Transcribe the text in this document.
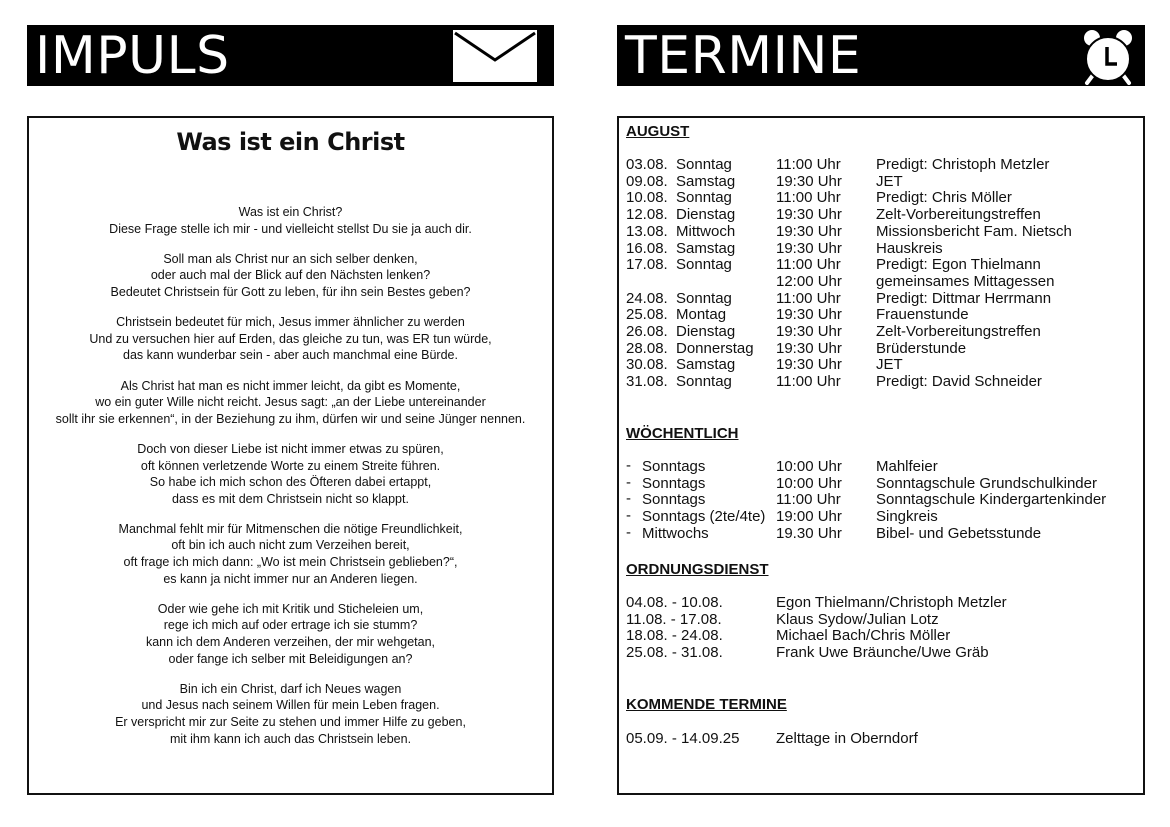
IMPULS	TERMINE
Was ist ein Christ
Was ist ein Christ?
Diese Frage stelle ich mir - und vielleicht stellst Du sie ja auch dir.
Soll man als Christ nur an sich selber denken,
oder auch mal der Blick auf den Nächsten lenken?
Bedeutet Christsein für Gott zu leben, für ihn sein Bestes geben?
Christsein bedeutet für mich, Jesus immer ähnlicher zu werden
Und zu versuchen hier auf Erden, das gleiche zu tun, was ER tun würde,
das kann wunderbar sein - aber auch manchmal eine Bürde.
Als Christ hat man es nicht immer leicht, da gibt es Momente,
wo ein guter Wille nicht reicht. Jesus sagt: „an der Liebe untereinander
sollt ihr sie erkennen“, in der Beziehung zu ihm, dürfen wir und seine Jünger nennen.
Doch von dieser Liebe ist nicht immer etwas zu spüren,
oft können verletzende Worte zu einem Streite führen.
So habe ich mich schon des Öfteren dabei ertappt,
dass es mit dem Christsein nicht so klappt.
Manchmal fehlt mir für Mitmenschen die nötige Freundlichkeit,
oft bin ich auch nicht zum Verzeihen bereit,
oft frage ich mich dann: „Wo ist mein Christsein geblieben?“,
es kann ja nicht immer nur an Anderen liegen.
Oder wie gehe ich mit Kritik und Sticheleien um,
rege ich mich auf oder ertrage ich sie stumm?
kann ich dem Anderen verzeihen, der mir wehgetan,
oder fange ich selber mit Beleidigungen an?
Bin ich ein Christ, darf ich Neues wagen
und Jesus nach seinem Willen für mein Leben fragen.
Er verspricht mir zur Seite zu stehen und immer Hilfe zu geben,
mit ihm kann ich auch das Christsein leben.
AUGUST
03.08. Sonntag	11:00 Uhr Predigt: Christoph Metzler
09.08. Samstag	19:30 Uhr JET
10.08. Sonntag	11:00 Uhr Predigt: Chris Möller
12.08. Dienstag	19:30 Uhr Zelt-Vorbereitungstreffen
13.08. Mittwoch	19:30 Uhr Missionsbericht Fam. Nietsch
16.08. Samstag	19:30 Uhr Hauskreis
17.08. Sonntag	11:00 Uhr Predigt: Egon Thielmann
12:00 Uhr gemeinsames Mittagessen
24.08. Sonntag	11:00 Uhr Predigt: Dittmar Herrmann
25.08. Montag	19:30 Uhr Frauenstunde
26.08. Dienstag	19:30 Uhr Zelt-Vorbereitungstreffen
28.08. Donnerstag 19:30 Uhr Brüderstunde
30.08. Samstag	19:30 Uhr JET
31.08. Sonntag	11:00 Uhr Predigt: David Schneider
WÖCHENTLICH
- Sonntags	10:00 Uhr Mahlfeier
- Sonntags	10:00 Uhr Sonntagschule Grundschulkinder
- Sonntags	11:00 Uhr Sonntagschule Kindergartenkinder
- Sonntags (2te/4te) 19:00 Uhr Singkreis
- Mittwochs	19.30 Uhr Bibel- und Gebetsstunde
ORDNUNGSDIENST
04.08. - 10.08.	Egon Thielmann/Christoph Metzler
11.08. - 17.08.	Klaus Sydow/Julian Lotz
18.08. - 24.08.	Michael Bach/Chris Möller
25.08. - 31.08.	Frank Uwe Bräunche/Uwe Gräb
KOMMENDE TERMINE
05.09. - 14.09.25 Zelttage in Oberndorf
